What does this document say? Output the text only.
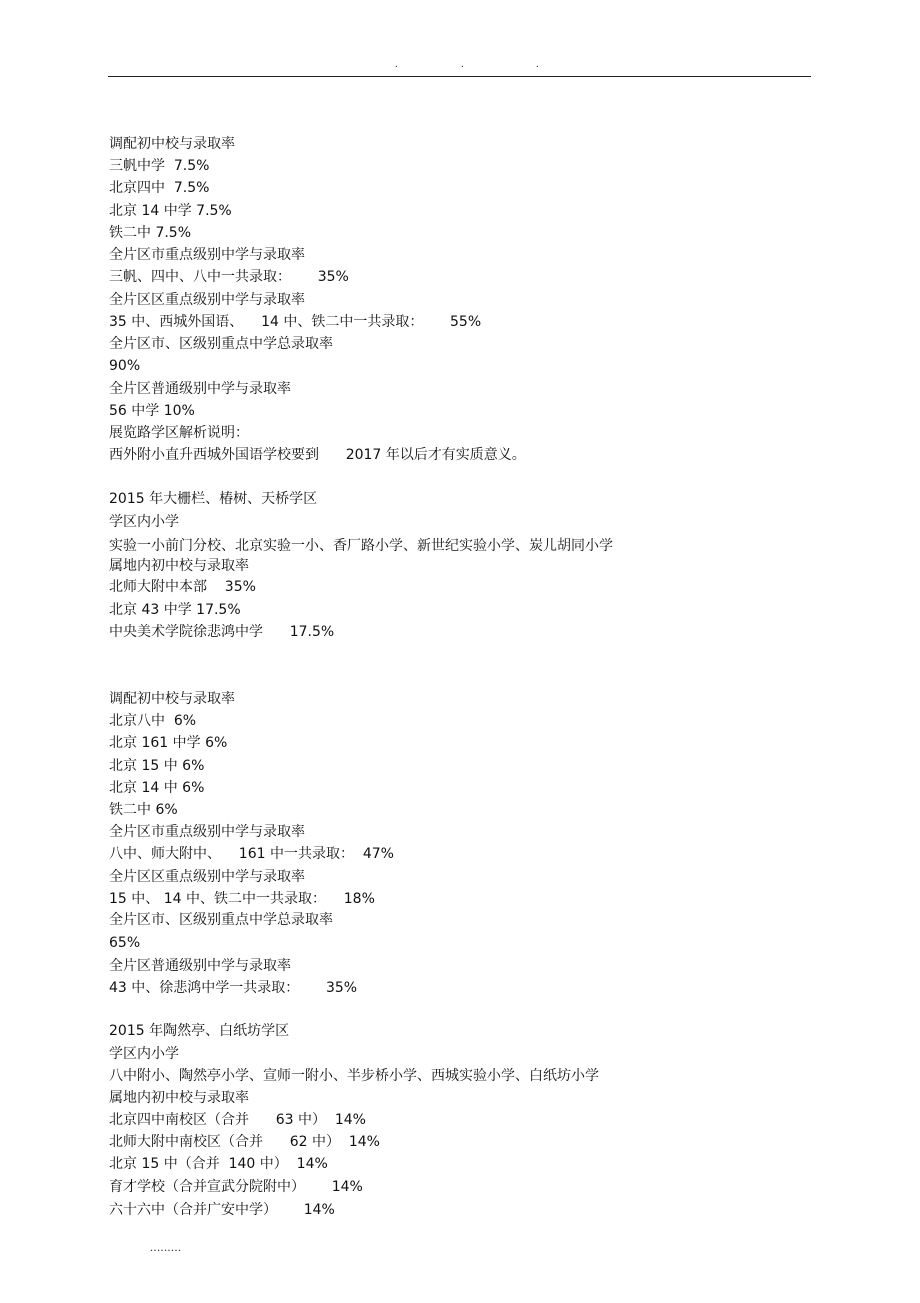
.	.	.
调配初中校与录取率
三帆中学  7.5%
北京四中  7.5%
北京 14 中学 7.5%
铁二中 7.5%
全片区市重点级别中学与录取率
三帆、四中、八中一共录取：      35%
全片区区重点级别中学与录取率
35 中、西城外国语、    14 中、铁二中一共录取：      55%
全片区市、区级别重点中学总录取率
90%
全片区普通级别中学与录取率
56 中学 10%
展览路学区解析说明：
西外附小直升西城外国语学校要到      2017 年以后才有实质意义。
2015 年大栅栏、椿树、天桥学区
学区内小学
实验一小前门分校、北京实验一小、香厂路小学、新世纪实验小学、炭儿胡同小学
属地内初中校与录取率
北师大附中本部    35%
北京 43 中学 17.5%
中央美术学院徐悲鸿中学      17.5%
调配初中校与录取率
北京八中  6%
北京 161 中学 6%
北京 15 中 6%
北京 14 中 6%
铁二中 6%
全片区市重点级别中学与录取率
八中、师大附中、    161 中一共录取：  47%
全片区区重点级别中学与录取率
15 中、 14 中、铁二中一共录取：    18%
全片区市、区级别重点中学总录取率
65%
全片区普通级别中学与录取率
43 中、徐悲鸿中学一共录取：      35%
2015 年陶然亭、白纸坊学区
学区内小学
八中附小、陶然亭小学、宣师一附小、半步桥小学、西城实验小学、白纸坊小学
属地内初中校与录取率
北京四中南校区（合并      63 中）  14%
北师大附中南校区（合并      62 中）  14%
北京 15 中（合并  140 中）  14%
育才学校（合并宣武分院附中）      14%
六十六中（合并广安中学）      14%
.........
